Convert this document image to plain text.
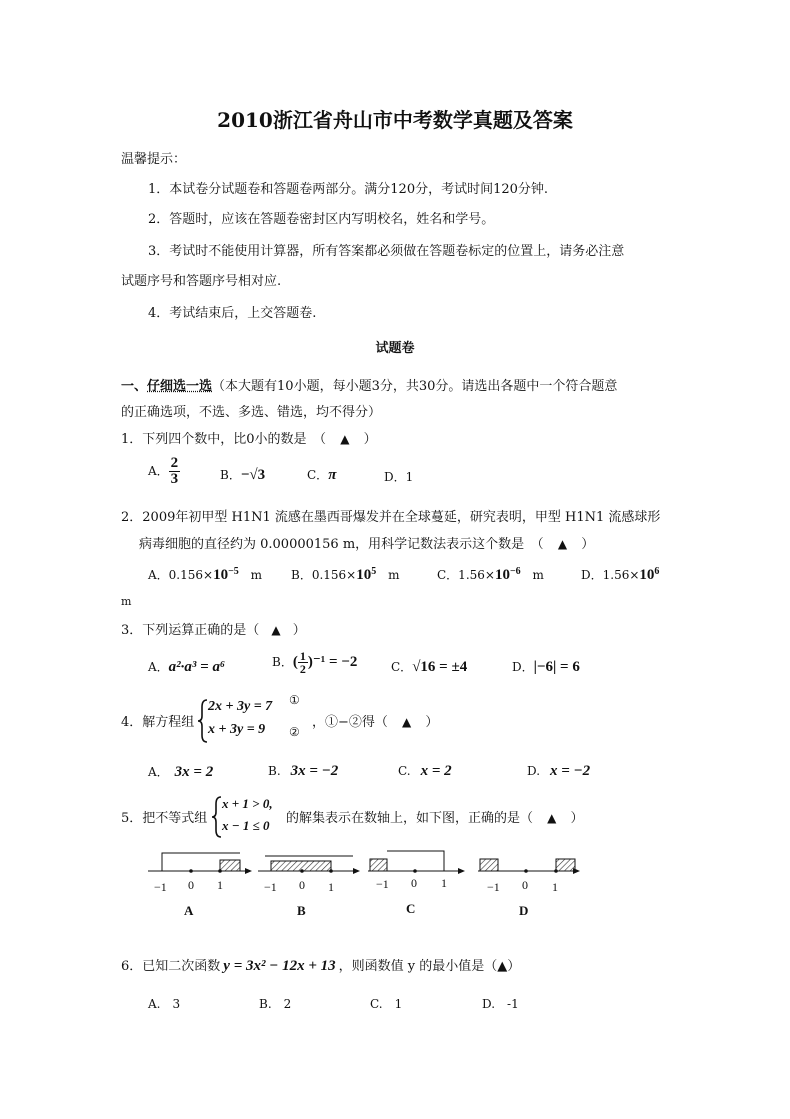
2010浙江省舟山市中考数学真题及答案
温馨提示：
1．本试卷分试题卷和答题卷两部分。满分120分，考试时间120分钟.
2．答题时，应该在答题卷密封区内写明校名，姓名和学号。
3．考试时不能使用计算器，所有答案都必须做在答题卷标定的位置上，请务必注意
试题序号和答题序号相对应.
4．考试结束后，上交答题卷.
试题卷
一、仔细选一选（本大题有10小题，每小题3分，共30分。请选出各题中一个符合题意
的正确选项，不选、多选、错选，均不得分）
1．下列四个数中，比0小的数是　（ ▲ ）
A． $\frac{2}{3}$	B．−√3	C．π	D．1
2．2009年初甲型 H1N1 流感在墨西哥爆发并在全球蔓延，研究表明，甲型 H1N1 流感球形
病毒细胞的直径约为 0.00000156 m，用科学记数法表示这个数是　（ ▲ ）
A．$0.156\times 10^{-5}$ m B．$0.156\times 10^5$ m	C．$1.56\times 10^{-6}$ m	D．$1.56\times 10^6$
m
3．下列运算正确的是（ ▲ ）
A．a²·a³ = a⁶	B．( $\frac{1}{2} )^{-1} = -2$	C．√16 = ±4	D．|−6| = 6
4．解方程组
2x + 3y = 7
x + 3y = 9
①
②
，①−②得（ ▲ ）
A． 3x = 2	B. 3x = −2	C. x = 2	D. x = −2
5．把不等式组
x + 1 > 0,
x − 1 ≤ 0 的解集表示在数轴上，如下图，正确的是（ ▲ ）
−1 0 1	−1 0 1	−1 0 1	−1 0 1
A	B	C	D
6．已知二次函数 y = 3x² − 12x + 13 ，则函数值 y 的最小值是（▲）
A.　3	B.　2	C.　1	D.　-1
